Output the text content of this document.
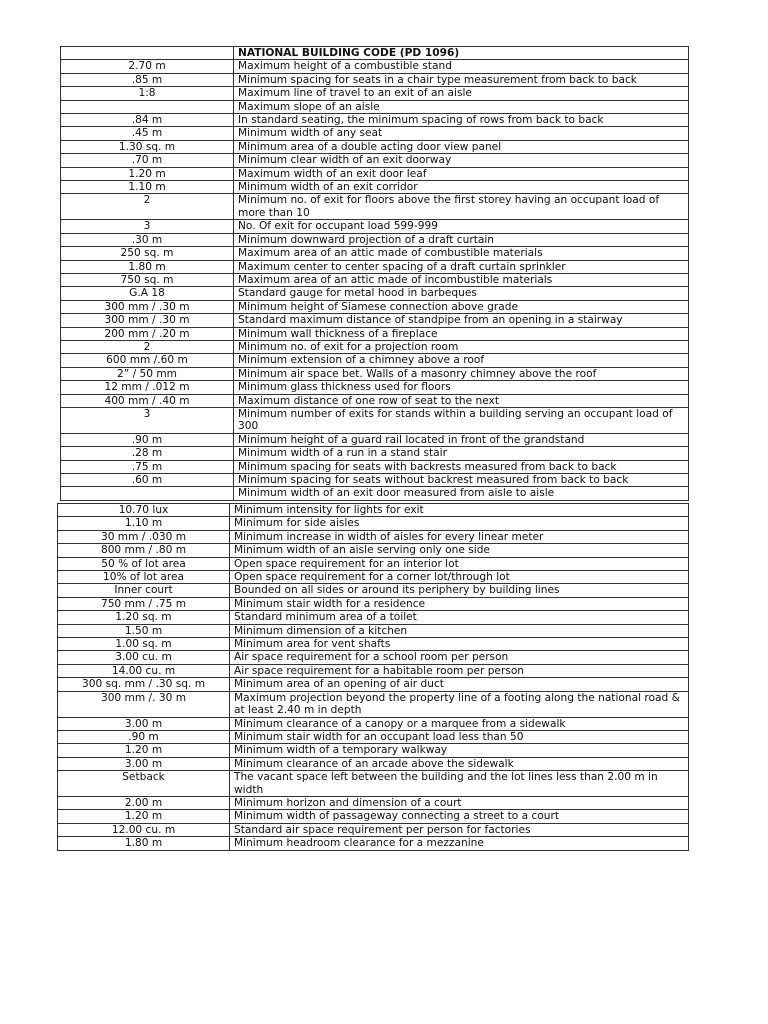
	NATIONAL BUILDING CODE (PD 1096)
2.70 m	Maximum height of a combustible stand
.85 m	Minimum spacing for seats in a chair type measurement from back to back
1:8	Maximum line of travel to an exit of an aisle
	Maximum slope of an aisle
.84 m	In standard seating, the minimum spacing of rows from back to back
.45 m	Minimum width of any seat
1.30 sq. m	Minimum area of a double acting door view panel
.70 m	Minimum clear width of an exit doorway
1.20 m	Maximum width of an exit door leaf
1.10 m	Minimum width of an exit corridor
2	Minimum no. of exit for floors above the first storey having an occupant load of more than 10
3	No. Of exit for occupant load 599-999
.30 m	Minimum downward projection of a draft curtain
250 sq. m	Maximum area of an attic made of combustible materials
1.80 m	Maximum center to center spacing of a draft curtain sprinkler
750 sq. m	Maximum area of an attic made of incombustible materials
G.A 18	Standard gauge for metal hood in barbeques
300 mm / .30 m	Minimum height of Siamese connection above grade
300 mm / .30 m	Standard maximum distance of standpipe from an opening in a stairway
200 mm / .20 m	Minimum wall thickness of a fireplace
2	Minimum no. of exit for a projection room
600 mm /.60 m	Minimum extension of a chimney above a roof
2” / 50 mm	Minimum air space bet. Walls of a masonry chimney above the roof
12 mm / .012 m	Minimum glass thickness used for floors
400 mm / .40 m	Maximum distance of one row of seat to the next
3	Minimum number of exits for stands within a building serving an occupant load of 300
.90 m	Minimum height of a guard rail located in front of the grandstand
.28 m	Minimum width of a run in a stand stair
.75 m	Minimum spacing for seats with backrests measured from back to back
.60 m	Minimum spacing for seats without backrest measured from back to back
	Minimum width of an exit door measured from aisle to aisle
10.70 lux	Minimum intensity for lights for exit
1.10 m	Minimum for side aisles
30 mm / .030 m	Minimum increase in width of aisles for every linear meter
800 mm / .80 m	Minimum width of an aisle serving only one side
50 % of lot area	Open space requirement for an interior lot
10% of lot area	Open space requirement for a corner lot/through lot
Inner court	Bounded on all sides or around its periphery by building lines
750 mm / .75 m	Minimum stair width for a residence
1.20 sq. m	Standard minimum area of a toilet
1.50 m	Minimum dimension of a kitchen
1.00 sq. m	Minimum area for vent shafts
3.00 cu. m	Air space requirement for a school room per person
14.00 cu. m	Air space requirement for a habitable room per person
300 sq. mm / .30 sq. m	Minimum area of an opening of air duct
300 mm /. 30 m	Maximum projection beyond the property line of a footing along the national road & at least 2.40 m in depth
3.00 m	Minimum clearance of a canopy or a marquee from a sidewalk
.90 m	Minimum stair width for an occupant load less than 50
1.20 m	Minimum width of a temporary walkway
3.00 m	Minimum clearance of an arcade above the sidewalk
Setback	The vacant space left between the building and the lot lines less than 2.00 m in width
2.00 m	Minimum horizon and dimension of a court
1.20 m	Minimum width of passageway connecting a street to a court
12.00 cu. m	Standard air space requirement per person for factories
1.80 m	Minimum headroom clearance for a mezzanine
